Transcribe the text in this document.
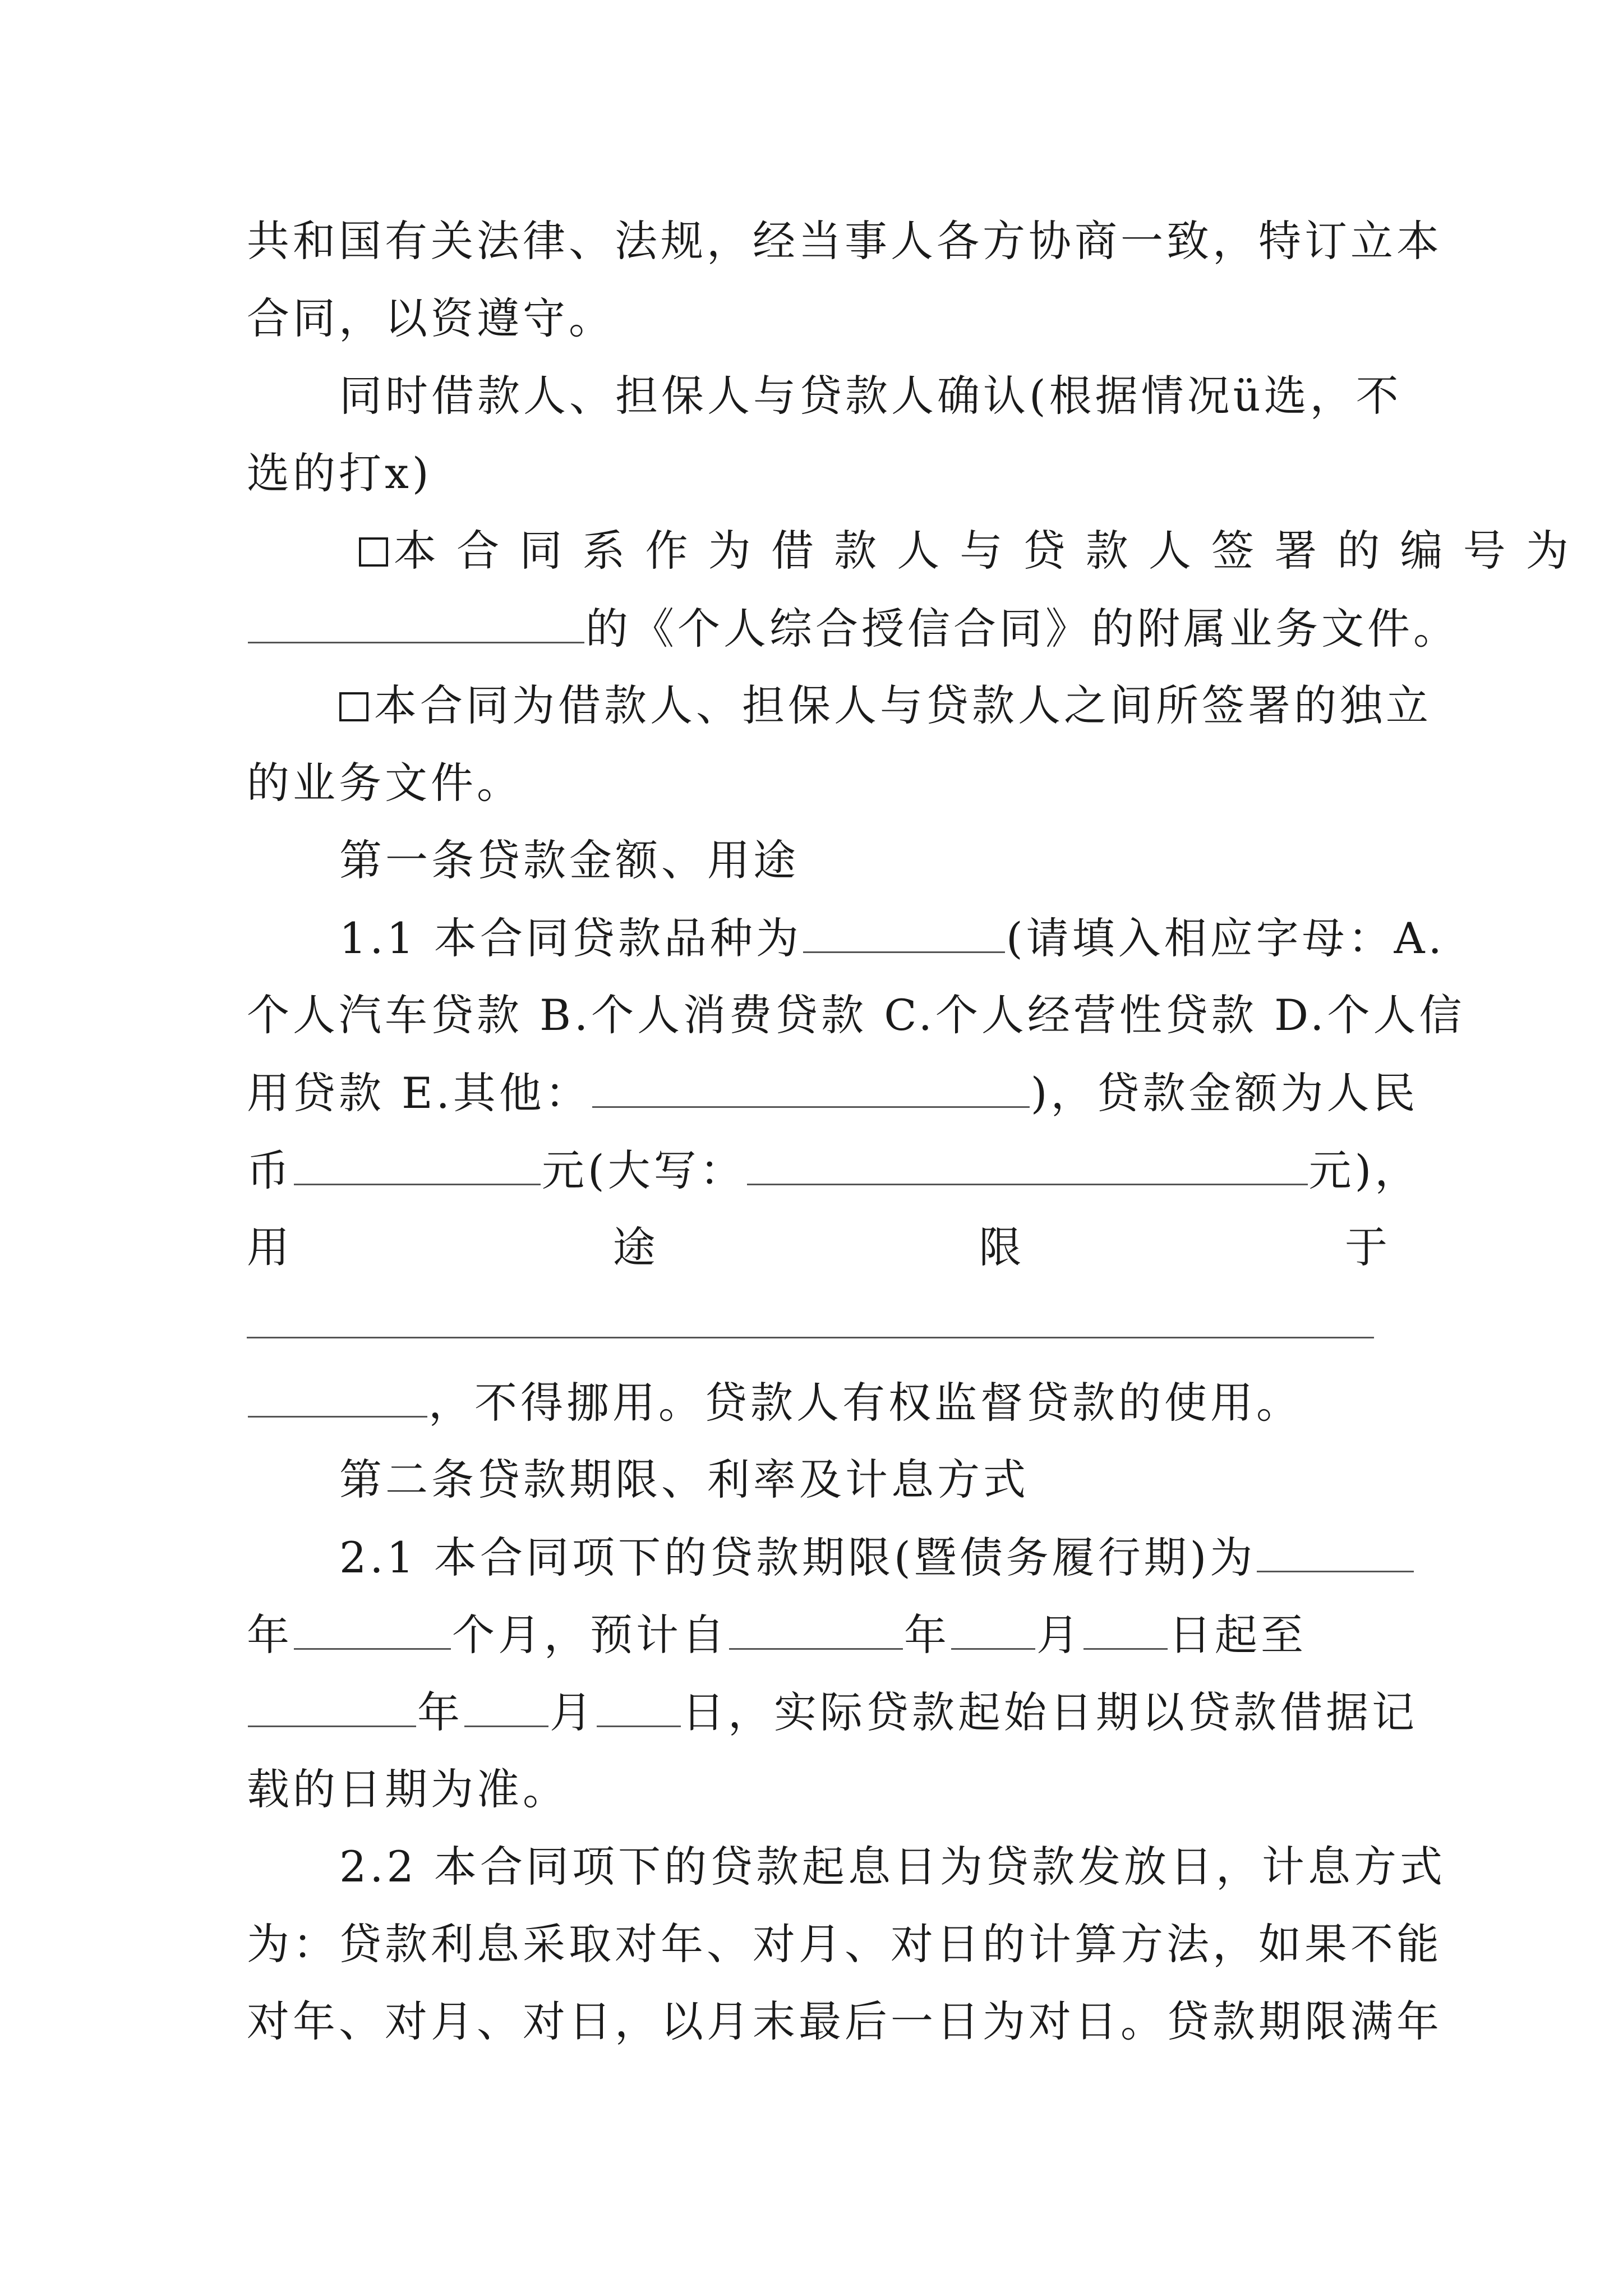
共和国有关法律、法规，经当事人各方协商一致，特订立本
合同，以资遵守。
同时借款人、担保人与贷款人确认(根据情况ü选，不
选的打x)
本 合 同 系 作 为 借 款 人 与 贷 款 人 签 署 的 编 号 为
的《个人综合授信合同》的附属业务文件。
本合同为借款人、担保人与贷款人之间所签署的独立
的业务文件。
第一条贷款金额、用途
1.1 本合同贷款品种为	(请填入相应字母：A.
个人汽车贷款 B.个人消费贷款 C.个人经营性贷款 D.个人信
用贷款 E.其他：	)，贷款金额为人民
币	元(大写：	元)，
用	途	限	于
，不得挪用。贷款人有权监督贷款的使用。
第二条贷款期限、利率及计息方式
2.1 本合同项下的贷款期限(暨债务履行期)为
年	个月，预计自	年 月 日起至
年 月 日，实际贷款起始日期以贷款借据记
载的日期为准。
2.2 本合同项下的贷款起息日为贷款发放日，计息方式
为：贷款利息采取对年、对月、对日的计算方法，如果不能
对年、对月、对日，以月末最后一日为对日。贷款期限满年
